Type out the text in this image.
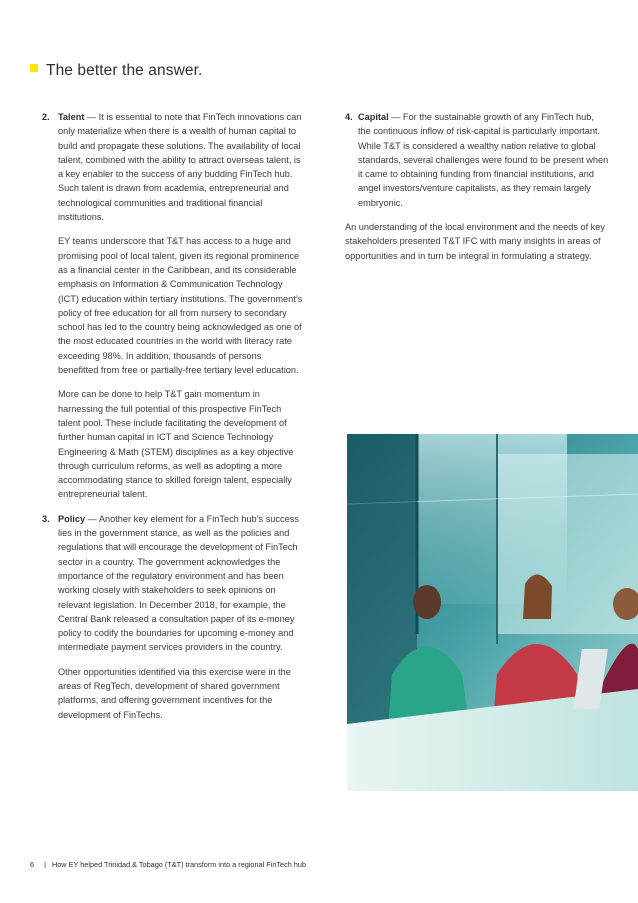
The better the answer.
2. Talent — It is essential to note that FinTech innovations can only materialize when there is a wealth of human capital to build and propagate these solutions. The availability of local talent, combined with the ability to attract overseas talent, is a key enabler to the success of any budding FinTech hub. Such talent is drawn from academia, entrepreneurial and technological communities and traditional financial institutions.

EY teams underscore that T&T has access to a huge and promising pool of local talent, given its regional prominence as a financial center in the Caribbean, and its considerable emphasis on Information & Communication Technology (ICT) education within tertiary institutions. The government’s policy of free education for all from nursery to secondary school has led to the country being acknowledged as one of the most educated countries in the world with literacy rate exceeding 98%. In addition, thousands of persons benefitted from free or partially-free tertiary level education.

More can be done to help T&T gain momentum in harnessing the full potential of this prospective FinTech talent pool. These include facilitating the development of further human capital in ICT and Science Technology Engineering & Math (STEM) disciplines as a key objective through curriculum reforms, as well as adopting a more accommodating stance to skilled foreign talent, especially entrepreneurial talent.

3. Policy — Another key element for a FinTech hub’s success lies in the government stance, as well as the policies and regulations that will encourage the development of FinTech sector in a country. The government acknowledges the importance of the regulatory environment and has been working closely with stakeholders to seek opinions on relevant legislation. In December 2018, for example, the Central Bank released a consultation paper of its e-money policy to codify the boundaries for upcoming e-money and intermediate payment services providers in the country.

Other opportunities identified via this exercise were in the areas of RegTech, development of shared government platforms, and offering government incentives for the development of FinTechs.

4. Capital — For the sustainable growth of any FinTech hub, the continuous inflow of risk-capital is particularly important. While T&T is considered a wealthy nation relative to global standards, several challenges were found to be present when it came to obtaining funding from financial institutions, and angel investors/venture capitalists, as they remain largely embryonic.

An understanding of the local environment and the needs of key stakeholders presented T&T IFC with many insights in areas of opportunities and in turn be integral in formulating a strategy.

6 | How EY helped Trinidad & Tobago (T&T) transform into a regional FinTech hub
